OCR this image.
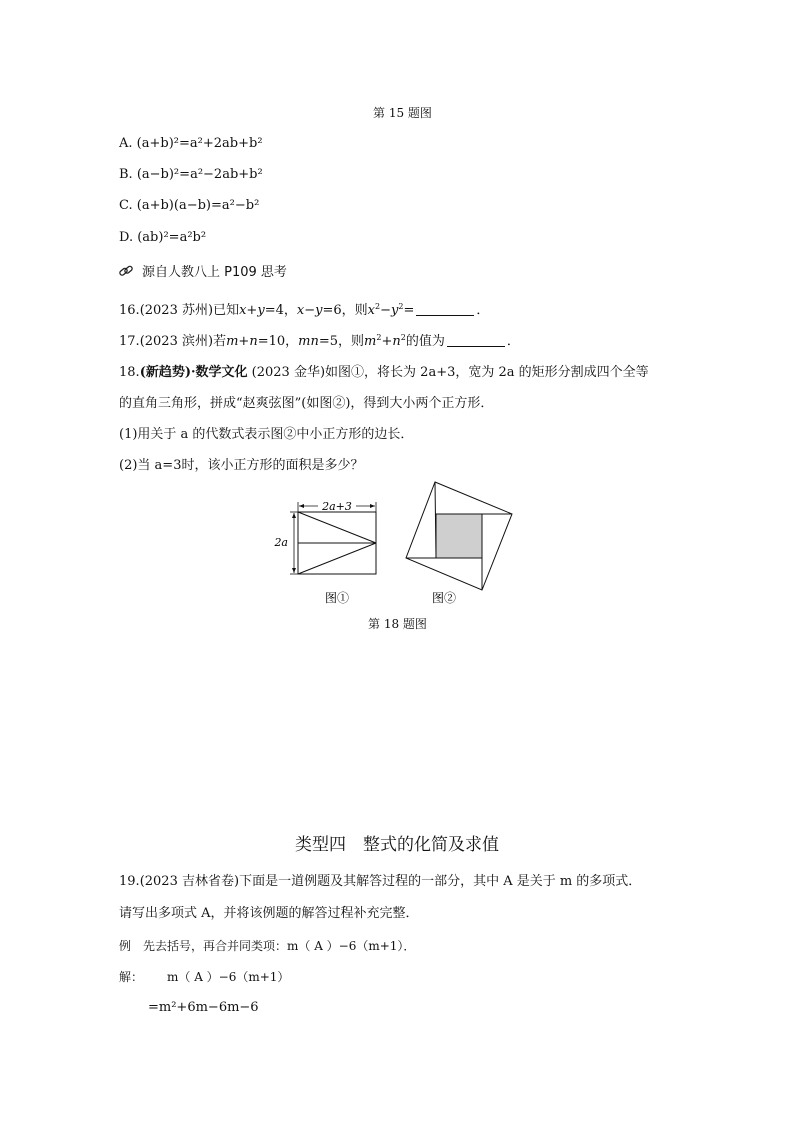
第 15 题图
A. (a+b)²=a²+2ab+b²
B. (a−b)²=a²−2ab+b²
C. (a+b)(a−b)=a²−b²
D. (ab)²=a²b²
源自人教八上 P109 思考
16.(2023 苏州)已知x+y=4，x−y=6，则$x^2-y^2=$	．
17.(2023 滨州)若m+n=10，mn=5，则$m^2+n^2$的值为	．
18.(新趋势)·数学文化 (2023 金华)如图①，将长为 2a+3，宽为 2a 的矩形分割成四个全等
的直角三角形，拼成“赵爽弦图”(如图②)，得到大小两个正方形．
(1)用关于 a 的代数式表示图②中小正方形的边长．
(2)当 a=3时，该小正方形的面积是多少？
2a+3
2a
图①	图②
第 18 题图
类型四　整式的化简及求值
19.(2023 吉林省卷)下面是一道例题及其解答过程的一部分，其中 A 是关于 m 的多项式．
请写出多项式 A，并将该例题的解答过程补充完整．
例　先去括号，再合并同类项：m（ A ）−6（m+1）．
解： m（ A ）−6（m+1）
=m²+6m−6m−6
